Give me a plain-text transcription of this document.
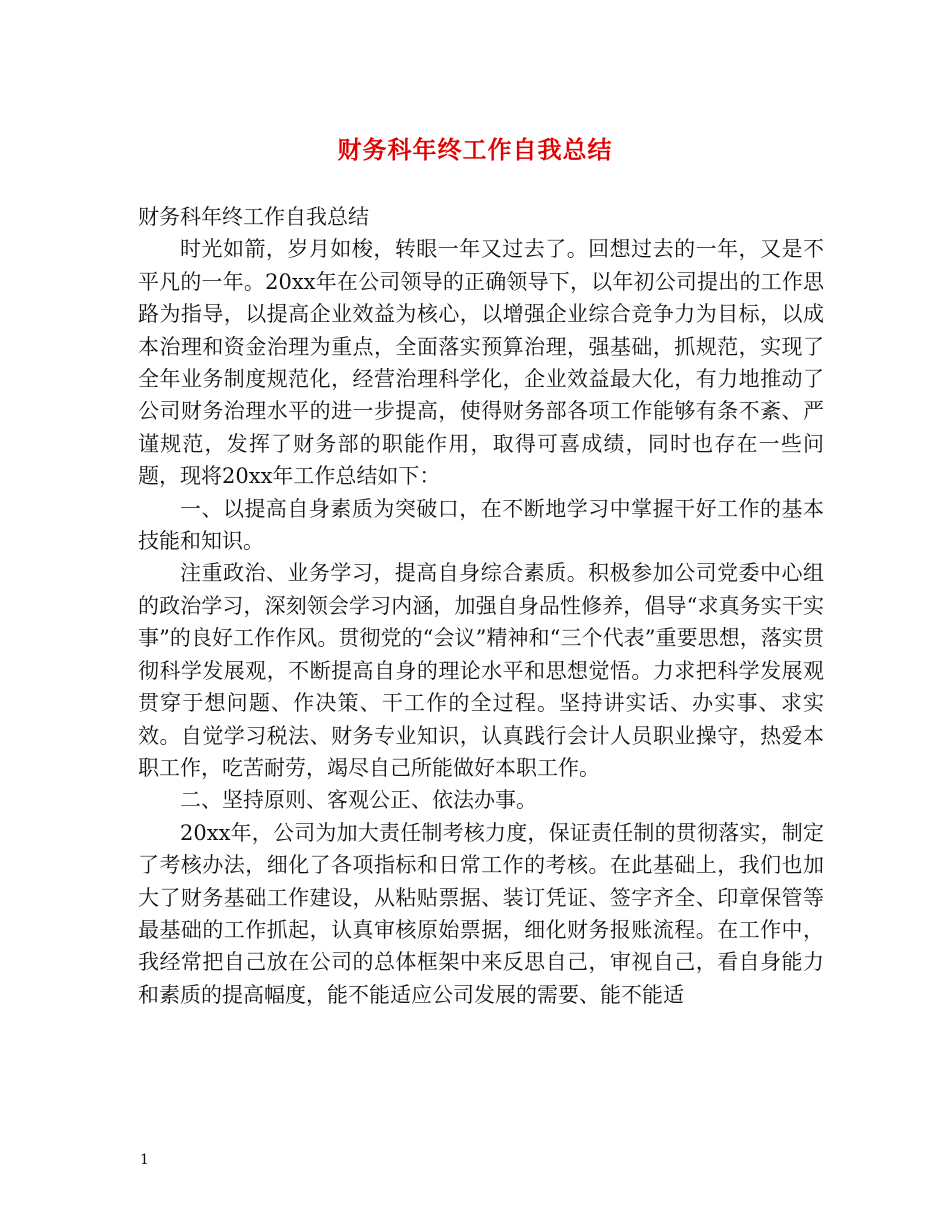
财务科年终工作自我总结

财务科年终工作自我总结

时光如箭，岁月如梭，转眼一年又过去了。回想过去的一年，又是不平凡的一年。20xx年在公司领导的正确领导下，以年初公司提出的工作思路为指导，以提高企业效益为核心，以增强企业综合竞争力为目标，以成本治理和资金治理为重点，全面落实预算治理，强基础，抓规范，实现了全年业务制度规范化，经营治理科学化，企业效益最大化，有力地推动了公司财务治理水平的进一步提高，使得财务部各项工作能够有条不紊、严谨规范，发挥了财务部的职能作用，取得可喜成绩，同时也存在一些问题，现将20xx年工作总结如下：

一、以提高自身素质为突破口，在不断地学习中掌握干好工作的基本技能和知识。

注重政治、业务学习，提高自身综合素质。积极参加公司党委中心组的政治学习，深刻领会学习内涵，加强自身品性修养，倡导“求真务实干实事”的良好工作作风。贯彻党的“会议”精神和“三个代表”重要思想，落实贯彻科学发展观，不断提高自身的理论水平和思想觉悟。力求把科学发展观贯穿于想问题、作决策、干工作的全过程。坚持讲实话、办实事、求实效。自觉学习税法、财务专业知识，认真践行会计人员职业操守，热爱本职工作，吃苦耐劳，竭尽自己所能做好本职工作。

二、坚持原则、客观公正、依法办事。

20xx年，公司为加大责任制考核力度，保证责任制的贯彻落实，制定了考核办法，细化了各项指标和日常工作的考核。在此基础上，我们也加大了财务基础工作建设，从粘贴票据、装订凭证、签字齐全、印章保管等最基础的工作抓起，认真审核原始票据，细化财务报账流程。在工作中，我经常把自己放在公司的总体框架中来反思自己，审视自己，看自身能力和素质的提高幅度，能不能适应公司发展的需要、能不能适

1
